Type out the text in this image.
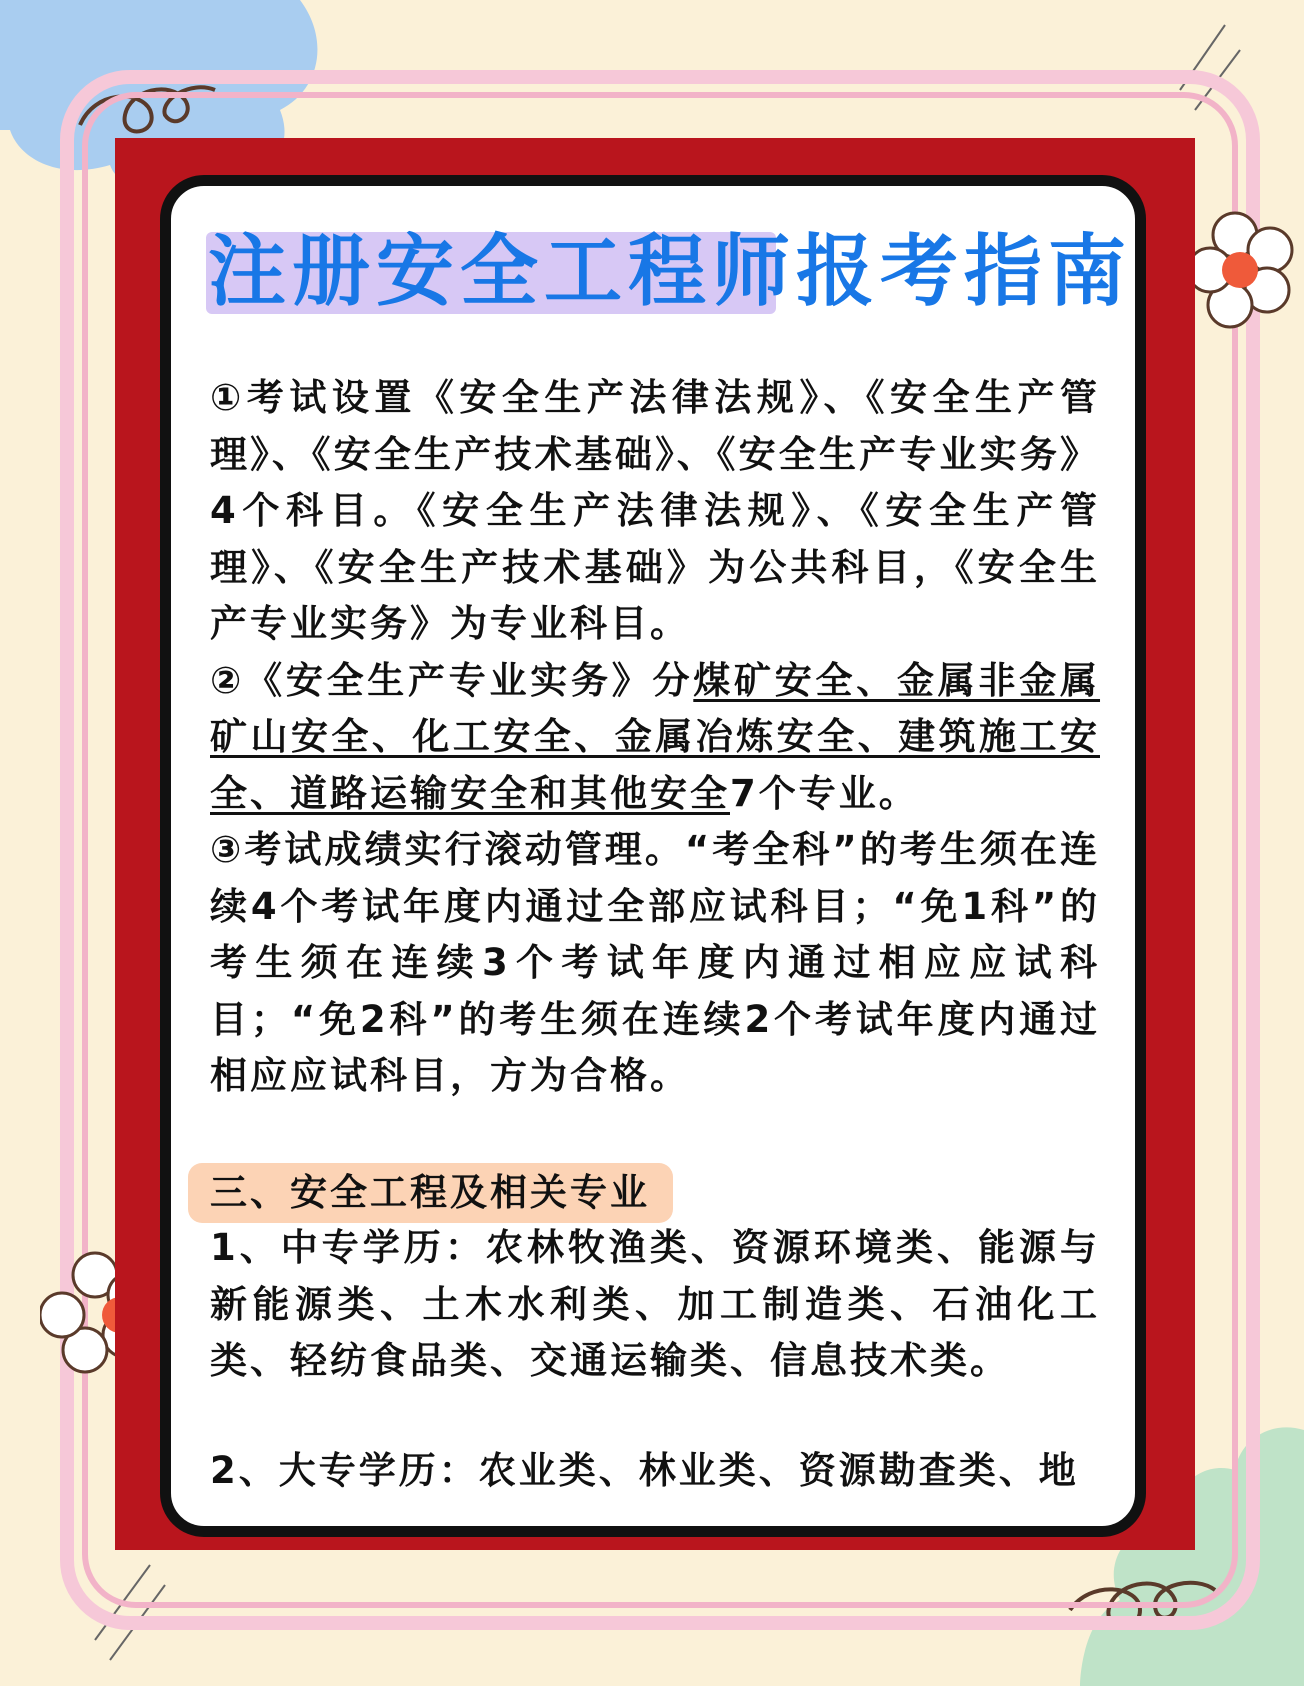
注册安全工程师报考指南

①考试设置《安全生产法律法规》、《安全生产管理》、《安全生产技术基础》、《安全生产专业实务》4个科目。《安全生产法律法规》、《安全生产管理》、《安全生产技术基础》为公共科目，《安全生产专业实务》为专业科目。

②《安全生产专业实务》分煤矿安全、金属非金属矿山安全、化工安全、金属冶炼安全、建筑施工安全、道路运输安全和其他安全7个专业。

③考试成绩实行滚动管理。“考全科”的考生须在连续4个考试年度内通过全部应试科目；“免1科”的考生须在连续3个考试年度内通过相应应试科目；“免2科”的考生须在连续2个考试年度内通过相应应试科目，方为合格。

三、安全工程及相关专业

1、中专学历：农林牧渔类、资源环境类、能源与新能源类、土木水利类、加工制造类、石油化工类、轻纺食品类、交通运输类、信息技术类。

2、大专学历：农业类、林业类、资源勘查类、地
